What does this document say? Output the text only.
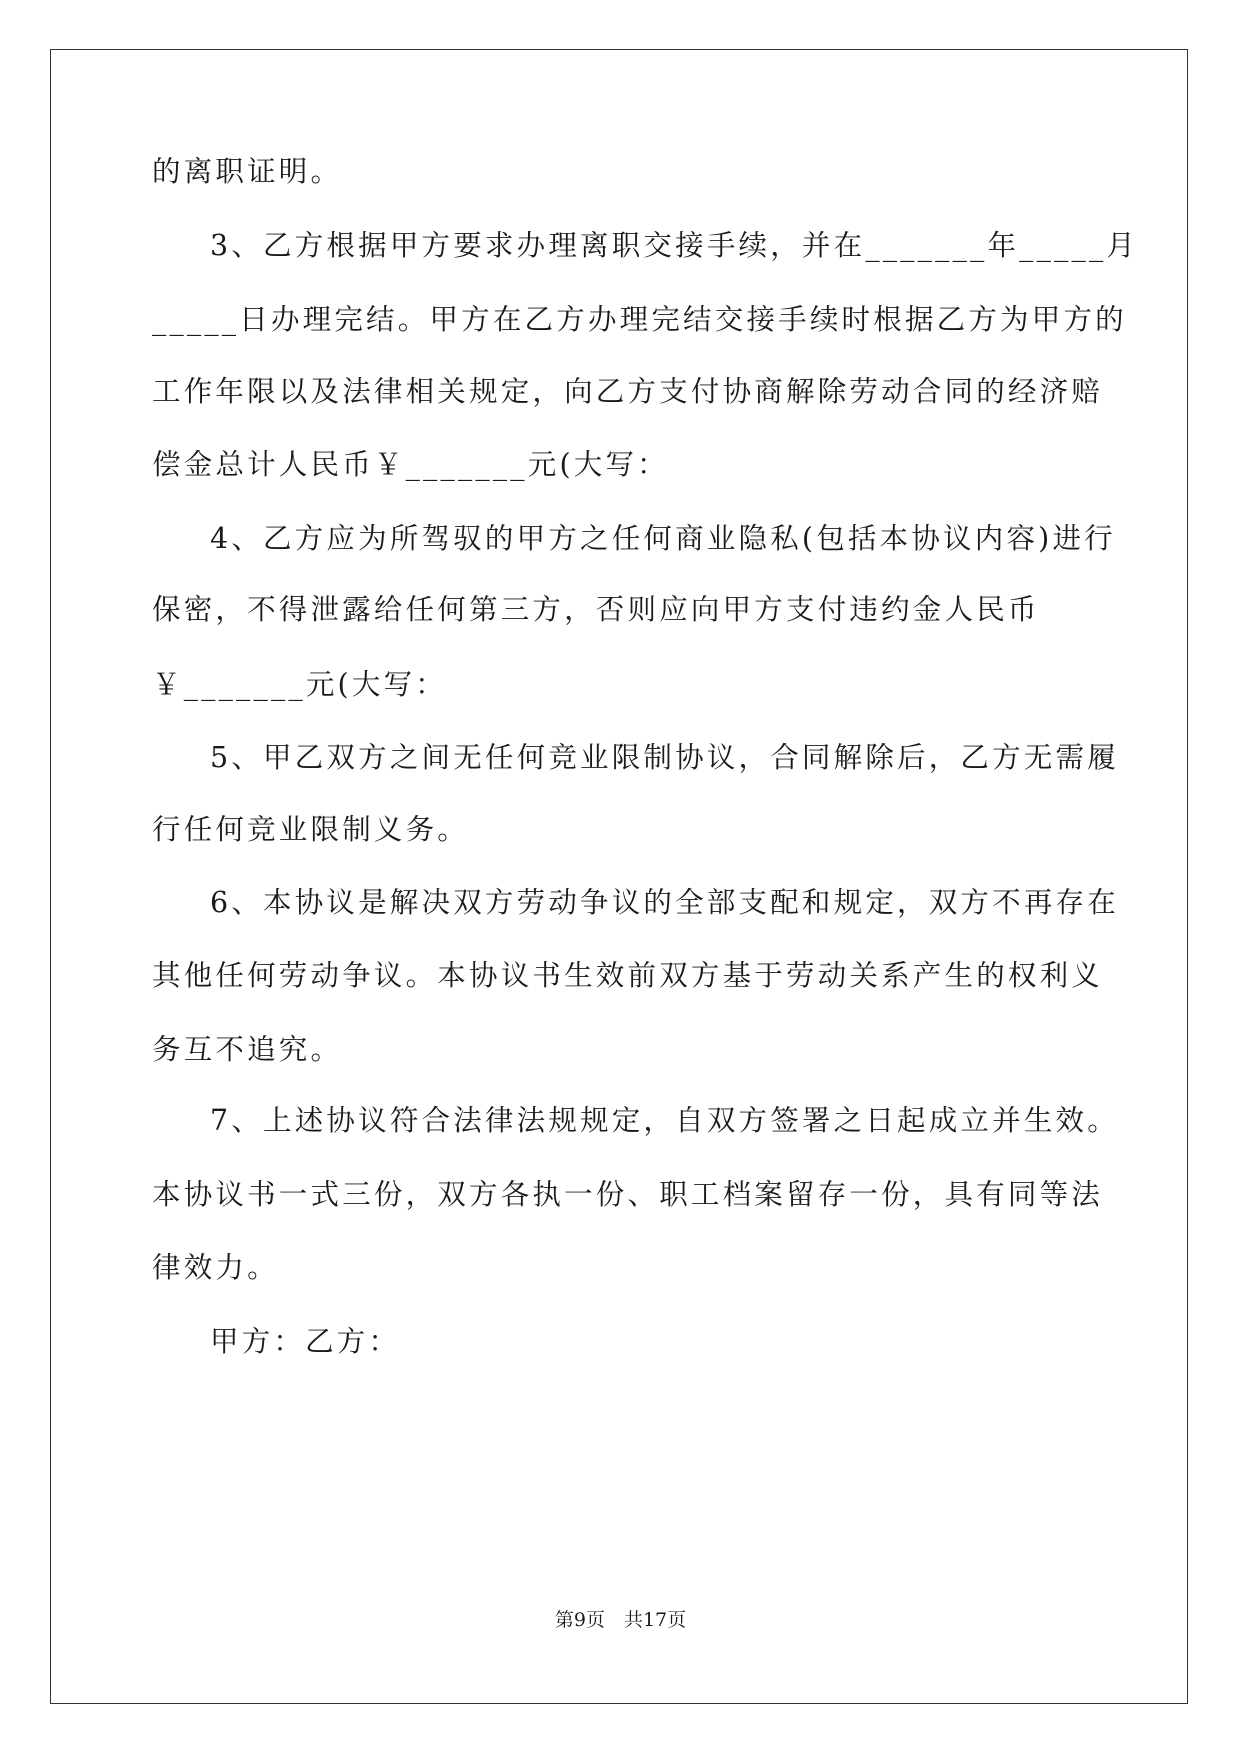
的离职证明。
3、乙方根据甲方要求办理离职交接手续，并在_______年_____月
_____日办理完结。甲方在乙方办理完结交接手续时根据乙方为甲方的
工作年限以及法律相关规定，向乙方支付协商解除劳动合同的经济赔
偿金总计人民币￥_______元(大写：
4、乙方应为所驾驭的甲方之任何商业隐私(包括本协议内容)进行
保密，不得泄露给任何第三方，否则应向甲方支付违约金人民币
￥_______元(大写：
5、甲乙双方之间无任何竞业限制协议，合同解除后，乙方无需履
行任何竞业限制义务。
6、本协议是解决双方劳动争议的全部支配和规定，双方不再存在
其他任何劳动争议。本协议书生效前双方基于劳动关系产生的权利义
务互不追究。
7、上述协议符合法律法规规定，自双方签署之日起成立并生效。
本协议书一式三份，双方各执一份、职工档案留存一份，具有同等法
律效力。
甲方：乙方：
第9页　共17页
